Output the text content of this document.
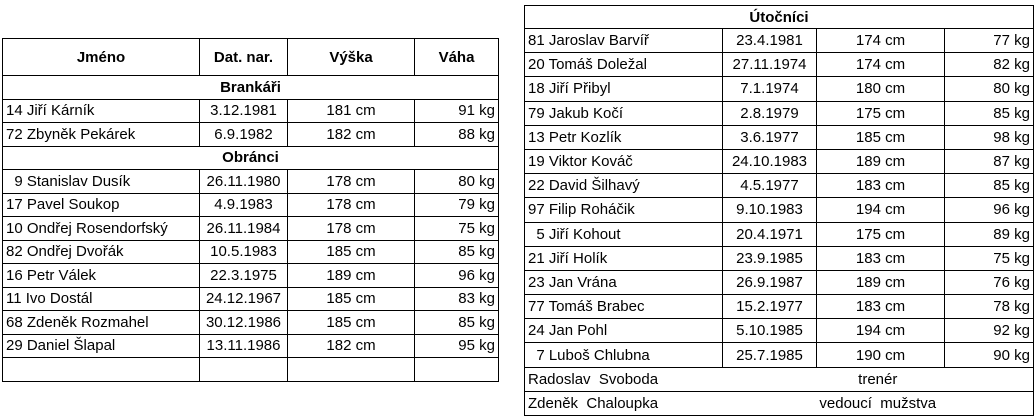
Jméno	Dat. nar.	Výška	Váha
Brankáři			
14 Jiří Kárník	3.12.1981	181 cm	91 kg
72 Zbyněk Pekárek	6.9.1982	182 cm	88 kg
Obránci			
9 Stanislav Dusík	26.11.1980	178 cm	80 kg
17 Pavel Soukop	4.9.1983	178 cm	79 kg
10 Ondřej Rosendorfský	26.11.1984	178 cm	75 kg
82 Ondřej Dvořák	10.5.1983	185 cm	85 kg
16 Petr Válek	22.3.1975	189 cm	96 kg
11 Ivo Dostál	24.12.1967	185 cm	83 kg
68 Zdeněk Rozmahel	30.12.1986	185 cm	85 kg
29 Daniel Šlapal	13.11.1986	182 cm	95 kg

Útočníci			
81 Jaroslav Barvíř	23.4.1981	174 cm	77 kg
20 Tomáš Doležal	27.11.1974	174 cm	82 kg
18 Jiří Přibyl	7.1.1974	180 cm	80 kg
79 Jakub Kočí	2.8.1979	175 cm	85 kg
13 Petr Kozlík	3.6.1977	185 cm	98 kg
19 Viktor Kováč	24.10.1983	189 cm	87 kg
22 David Šilhavý	4.5.1977	183 cm	85 kg
97 Filip Roháčik	9.10.1983	194 cm	96 kg
5 Jiří Kohout	20.4.1971	175 cm	89 kg
21 Jiří Holík	23.9.1985	183 cm	75 kg
23 Jan Vrána	26.9.1987	189 cm	76 kg
77 Tomáš Brabec	15.2.1977	183 cm	78 kg
24 Jan Pohl	5.10.1985	194 cm	92 kg
7 Luboš Chlubna	25.7.1985	190 cm	90 kg
Radoslav  Svoboda	trenér		
Zdeněk  Chaloupka	vedoucí  mužstva		
